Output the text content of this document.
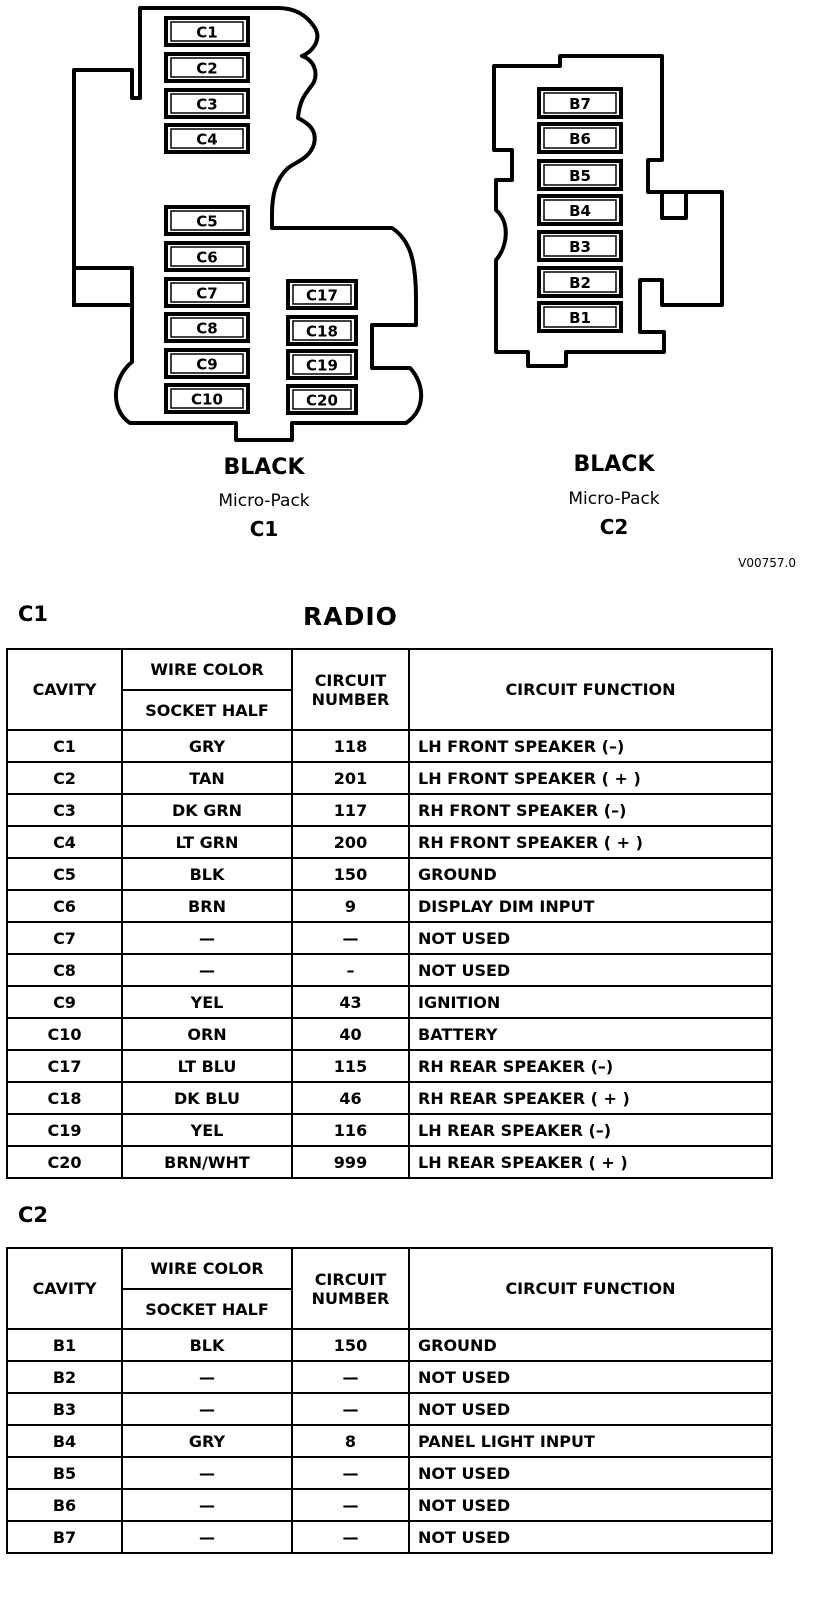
C1
C2
C3
C4
C5
C6
C7
C8
C9
C10
C17
C18
C19
C20
B7
B6
B5
B4
B3
B2
B1
BLACK
Micro-Pack
C1
BLACK
Micro-Pack
C2
V00757.0
C1	RADIO
CAVITY	WIRE COLOR	CIRCUIT NUMBER	CIRCUIT FUNCTION
	SOCKET HALF		
C1	GRY	118	LH FRONT SPEAKER (–)
C2	TAN	201	LH FRONT SPEAKER ( + )
C3	DK GRN	117	RH FRONT SPEAKER (–)
C4	LT GRN	200	RH FRONT SPEAKER ( + )
C5	BLK	150	GROUND
C6	BRN	9	DISPLAY DIM INPUT
C7	—	—	NOT USED
C8	—	–	NOT USED
C9	YEL	43	IGNITION
C10	ORN	40	BATTERY
C17	LT BLU	115	RH REAR SPEAKER (–)
C18	DK BLU	46	RH REAR SPEAKER ( + )
C19	YEL	116	LH REAR SPEAKER (–)
C20	BRN/WHT	999	LH REAR SPEAKER ( + )
C2
CAVITY	WIRE COLOR	CIRCUIT NUMBER	CIRCUIT FUNCTION
	SOCKET HALF		
B1	BLK	150	GROUND
B2	—	—	NOT USED
B3	—	—	NOT USED
B4	GRY	8	PANEL LIGHT INPUT
B5	—	—	NOT USED
B6	—	—	NOT USED
B7	—	—	NOT USED
